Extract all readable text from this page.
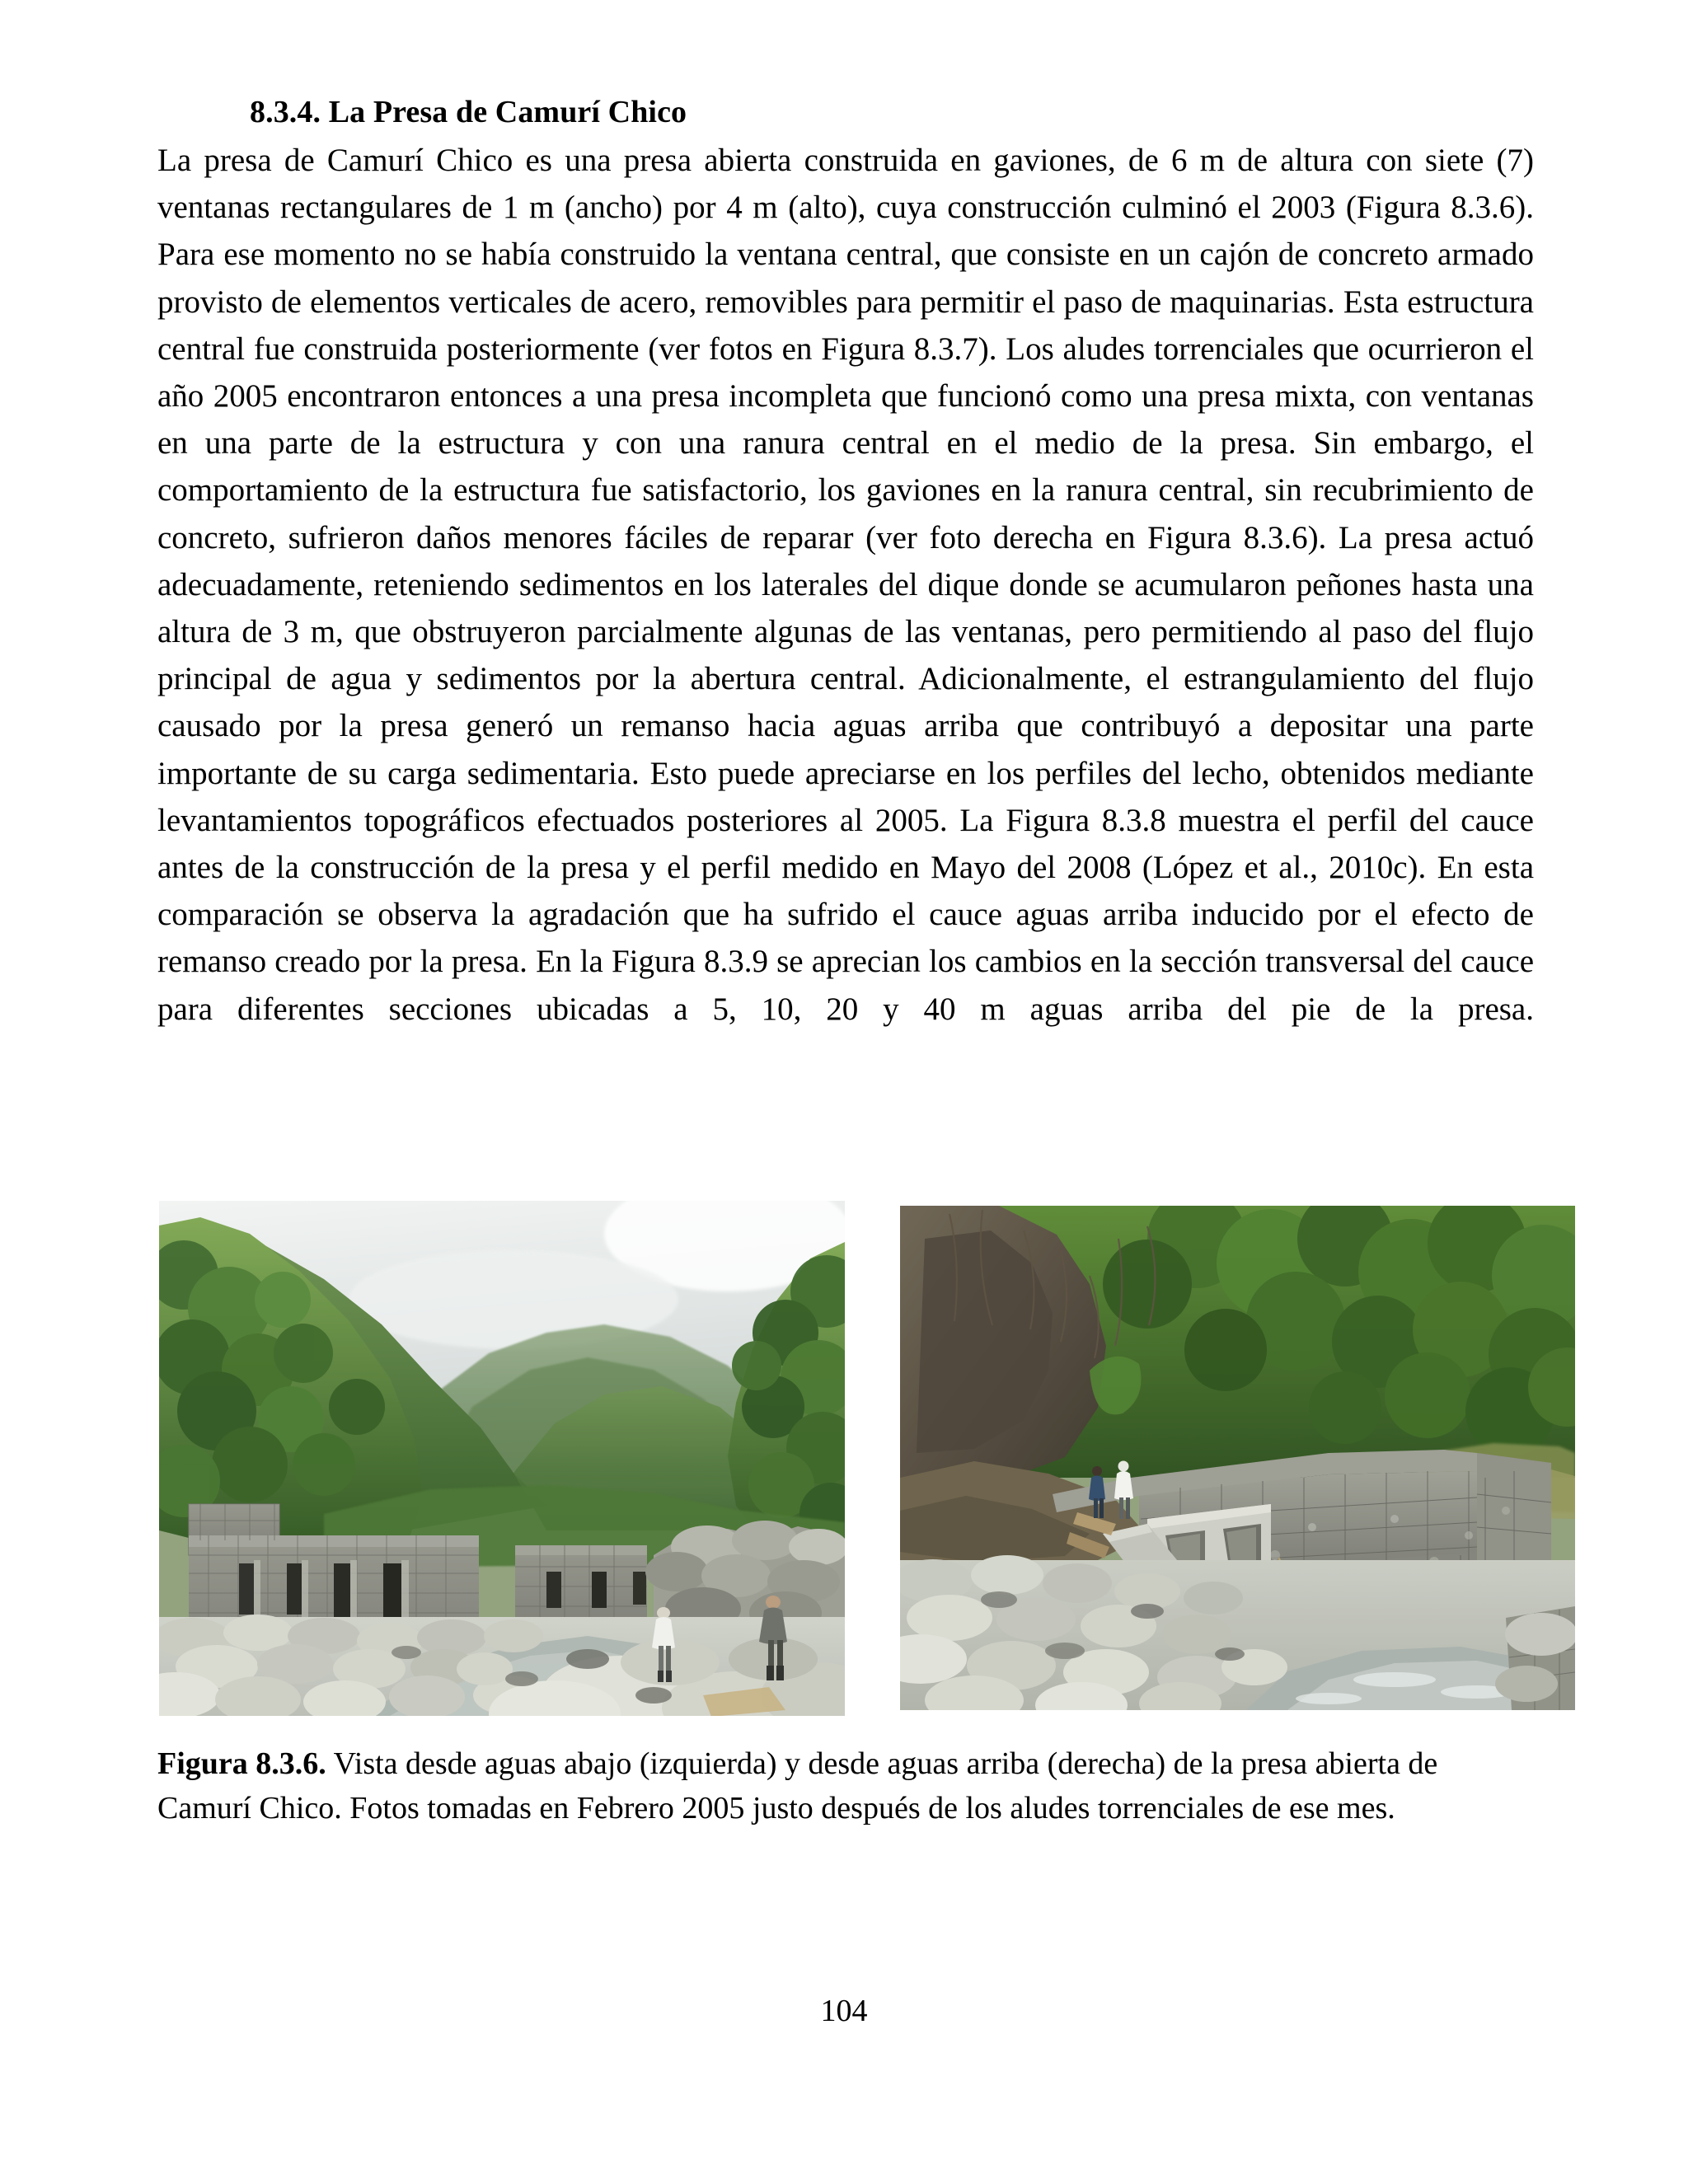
8.3.4. La Presa de Camurí Chico

La presa de Camurí Chico es una presa abierta construida en gaviones, de 6 m de altura con siete (7) ventanas rectangulares de 1 m (ancho) por 4 m (alto), cuya construcción culminó el 2003 (Figura 8.3.6). Para ese momento no se había construido la ventana central, que consiste en un cajón de concreto armado provisto de elementos verticales de acero, removibles para permitir el paso de maquinarias. Esta estructura central fue construida posteriormente (ver fotos en Figura 8.3.7). Los aludes torrenciales que ocurrieron el año 2005 encontraron entonces a una presa incompleta que funcionó como una presa mixta, con ventanas en una parte de la estructura y con una ranura central en el medio de la presa. Sin embargo, el comportamiento de la estructura fue satisfactorio, los gaviones en la ranura central, sin recubrimiento de concreto, sufrieron daños menores fáciles de reparar (ver foto derecha en Figura 8.3.6). La presa actuó adecuadamente, reteniendo sedimentos en los laterales del dique donde se acumularon peñones hasta una altura de 3 m, que obstruyeron parcialmente algunas de las ventanas, pero permitiendo al paso del flujo principal de agua y sedimentos por la abertura central. Adicionalmente, el estrangulamiento del flujo causado por la presa generó un remanso hacia aguas arriba que contribuyó a depositar una parte importante de su carga sedimentaria. Esto puede apreciarse en los perfiles del lecho, obtenidos mediante levantamientos topográficos efectuados posteriores al 2005. La Figura 8.3.8 muestra el perfil del cauce antes de la construcción de la presa y el perfil medido en Mayo del 2008 (López et al., 2010c). En esta comparación se observa la agradación que ha sufrido el cauce aguas arriba inducido por el efecto de remanso creado por la presa. En la Figura 8.3.9 se aprecian los cambios en la sección transversal del cauce para diferentes secciones ubicadas a 5, 10, 20 y 40 m aguas arriba del pie de la presa.

Figura 8.3.6. Vista desde aguas abajo (izquierda) y desde aguas arriba (derecha) de la presa abierta de Camurí Chico. Fotos tomadas en Febrero 2005 justo después de los aludes torrenciales de ese mes.
104
